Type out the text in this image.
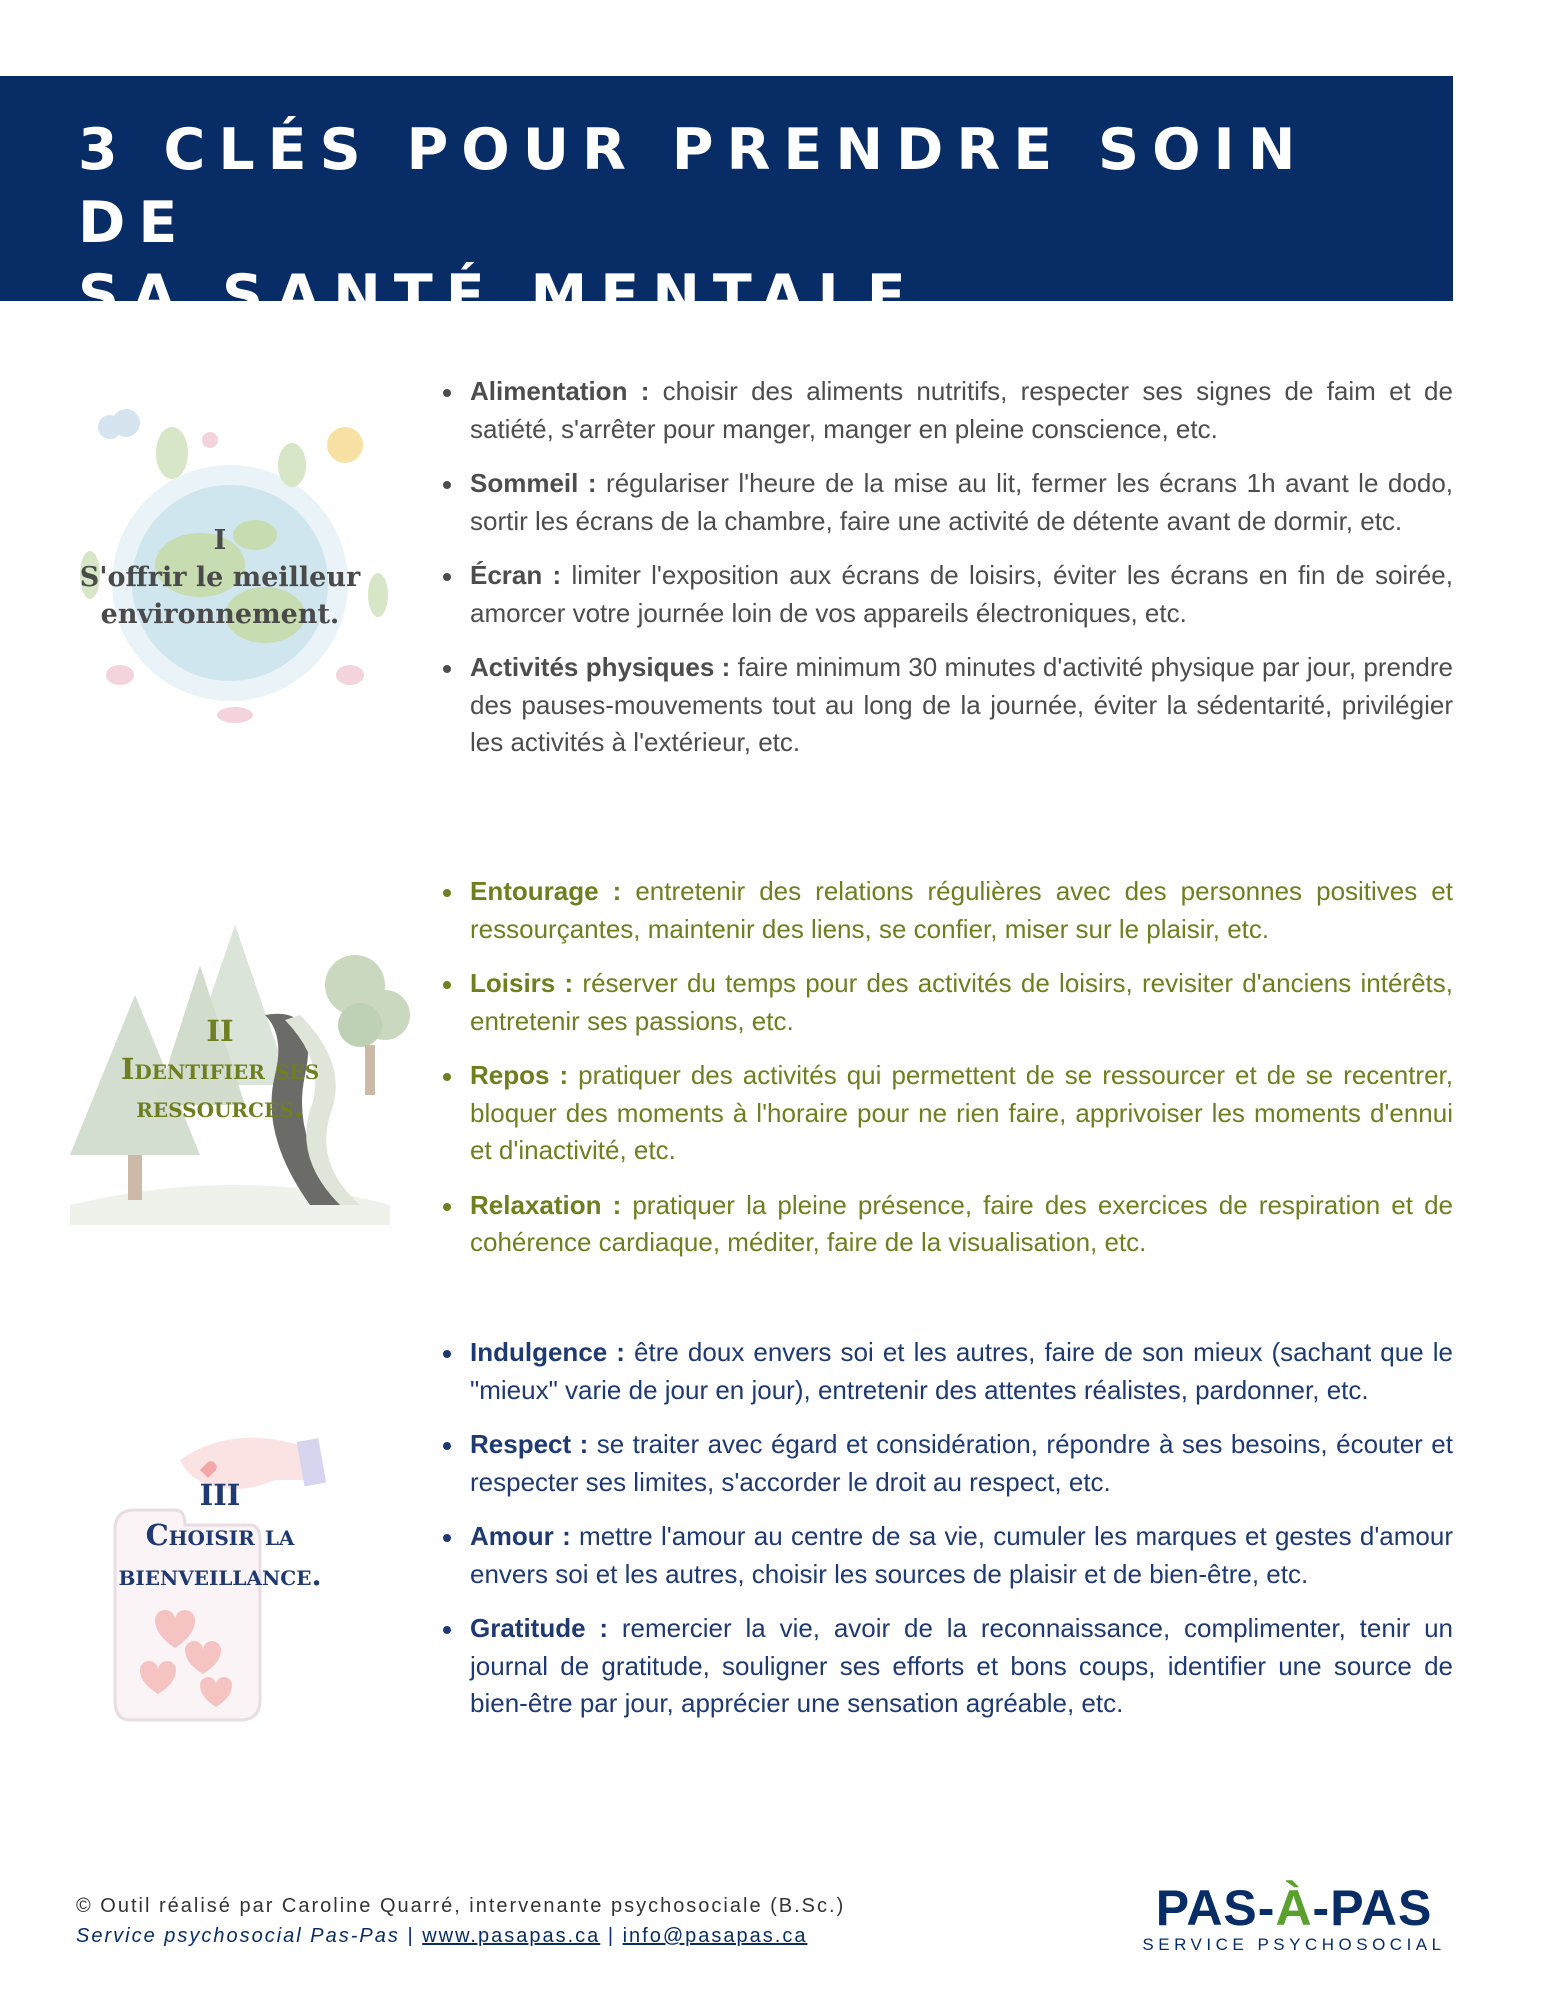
3 CLÉS POUR PRENDRE SOIN DE
SA SANTÉ MENTALE
I
S'offrir le meilleur
environnement.
Alimentation : choisir des aliments nutritifs, respecter ses signes de faim et de satiété, s'arrêter pour manger, manger en pleine conscience, etc.
Sommeil : régulariser l'heure de la mise au lit, fermer les écrans 1h avant le dodo, sortir les écrans de la chambre, faire une activité de détente avant de dormir, etc.
Écran : limiter l'exposition aux écrans de loisirs, éviter les écrans en fin de soirée, amorcer votre journée loin de vos appareils électroniques, etc.
Activités physiques : faire minimum 30 minutes d'activité physique par jour, prendre des pauses-mouvements tout au long de la journée, éviter la sédentarité, privilégier les activités à l'extérieur, etc.
II
Identifier ses
ressources.
Entourage : entretenir des relations régulières avec des personnes positives et ressourçantes, maintenir des liens, se confier, miser sur le plaisir, etc.
Loisirs : réserver du temps pour des activités de loisirs, revisiter d'anciens intérêts, entretenir ses passions, etc.
Repos : pratiquer des activités qui permettent de se ressourcer et de se recentrer, bloquer des moments à l'horaire pour ne rien faire, apprivoiser les moments d'ennui et d'inactivité, etc.
Relaxation : pratiquer la pleine présence, faire des exercices de respiration et de cohérence cardiaque, méditer, faire de la visualisation, etc.
III
Choisir la
bienveillance.
Indulgence : être doux envers soi et les autres, faire de son mieux (sachant que le "mieux" varie de jour en jour), entretenir des attentes réalistes, pardonner, etc.
Respect : se traiter avec égard et considération, répondre à ses besoins, écouter et respecter ses limites, s'accorder le droit au respect, etc.
Amour : mettre l'amour au centre de sa vie, cumuler les marques et gestes d'amour envers soi et les autres, choisir les sources de plaisir et de bien-être, etc.
Gratitude : remercier la vie, avoir de la reconnaissance, complimenter, tenir un journal de gratitude, souligner ses efforts et bons coups, identifier une source de bien-être par jour, apprécier une sensation agréable, etc.
© Outil réalisé par Caroline Quarré, intervenante psychosociale (B.Sc.)
Service psychosocial Pas-Pas | www.pasapas.ca | info@pasapas.ca	PAS-À-PAS
SERVICE PSYCHOSOCIAL
